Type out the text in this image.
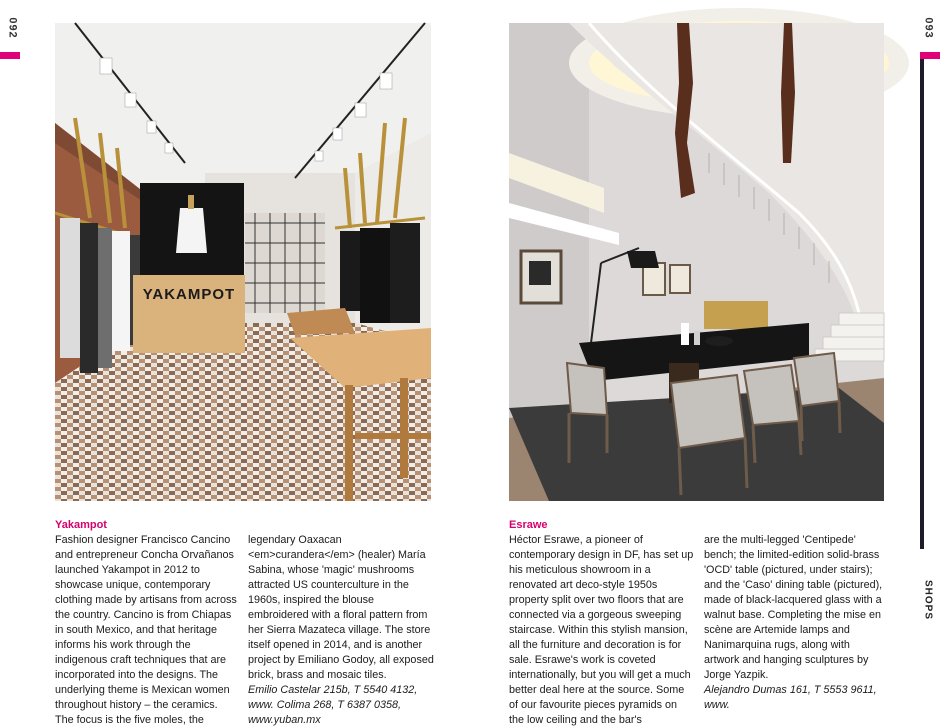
092	093
SHOPS
YAKAMPOT

Yakampot

Fashion designer Francisco Cancino and entrepreneur Concha Orvañanos launched Yakampot in 2012 to showcase unique, contemporary clothing made by artisans from across the country. Cancino is from Chiapas in south Mexico, and that heritage informs his work through the indigenous craft techniques that are incorporated into the designs. The underlying theme is Mexican women throughout history – the ceramics. The focus is the five moles, the

legendary Oaxacan <em>curandera</em> (healer) María Sabina, whose 'magic' mushrooms attracted US counterculture in the 1960s, inspired the blouse embroidered with a floral pattern from her Sierra Mazateca village. The store itself opened in 2014, and is another project by Emiliano Godoy, all exposed brick, brass and mosaic tiles.

Emilio Castelar 215b, T 5540 4132, www. Colima 268, T 6387 0358, www.yuban.mx

Esrawe

Héctor Esrawe, a pioneer of contemporary design in DF, has set up his meticulous showroom in a renovated art deco-style 1950s property split over two floors that are connected via a gorgeous sweeping staircase. Within this stylish mansion, all the furniture and decoration is for sale. Esrawe's work is coveted internationally, but you will get a much better deal here at the source. Some of our favourite pieces pyramids on the low ceiling and the bar's

are the multi-legged 'Centipede' bench; the limited-edition solid-brass 'OCD' table (pictured, under stairs); and the 'Caso' dining table (pictured), made of black-lacquered glass with a walnut base. Completing the mise en scène are Artemide lamps and Nanimarquina rugs, along with artwork and hanging sculptures by Jorge Yazpik.

Alejandro Dumas 161, T 5553 9611, www.
